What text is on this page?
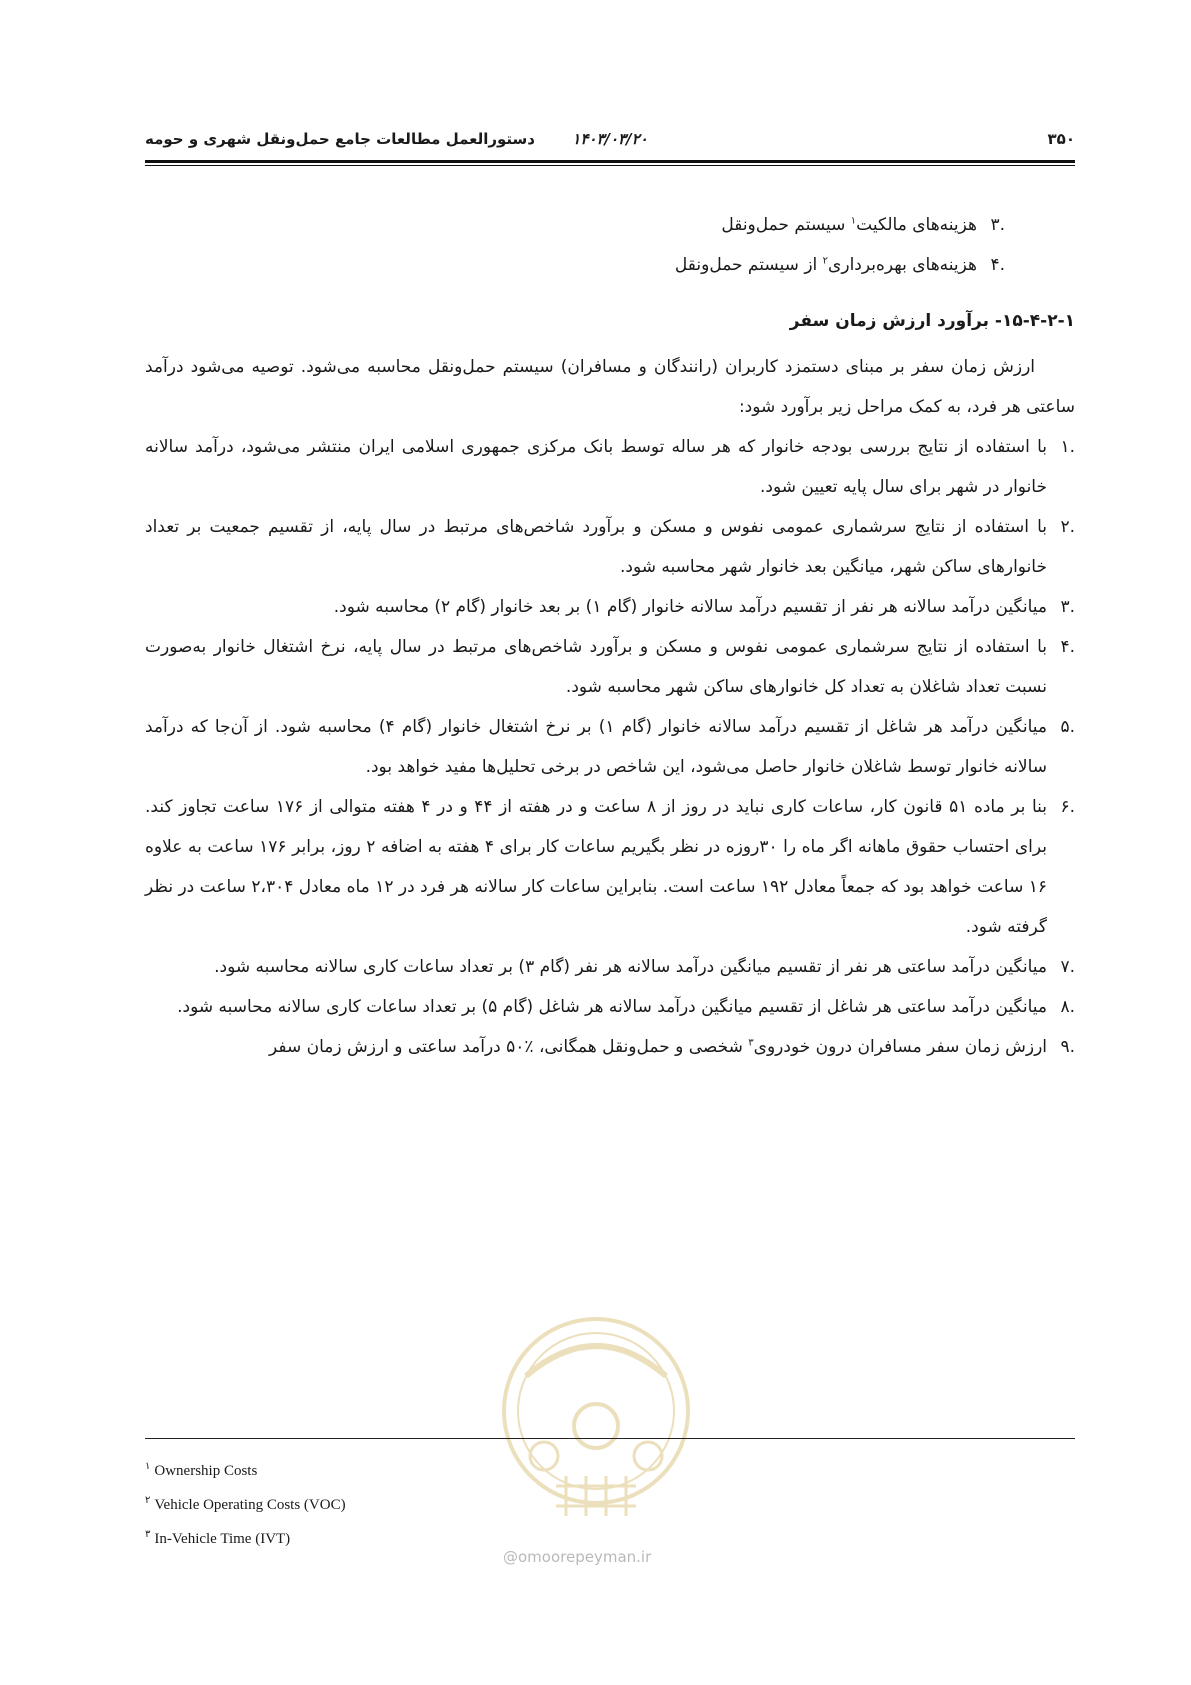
۳۵۰
۱۴۰۳/۰۳/۲۰
دستورالعمل مطالعات جامع حمل‌ونقل شهری و حومه

.۳هزینه‌های مالکیت$^۱$ سیستم حمل‌ونقل

.۴هزینه‌های بهره‌برداری$^۲$ از سیستم حمل‌ونقل

۱۵-۴-۲-۱- برآورد ارزش زمان سفر

ارزش زمان سفر بر مبنای دستمزد کاربران (رانندگان و مسافران) سیستم حمل‌ونقل محاسبه می‌شود. توصیه می‌شود درآمد ساعتی هر فرد، به کمک مراحل زیر برآورد شود:

.۱
با استفاده از نتایج بررسی بودجه خانوار که هر ساله توسط بانک مرکزی جمهوری اسلامی ایران منتشر می‌شود، درآمد سالانه خانوار در شهر برای سال پایه تعیین شود.
.۲
با استفاده از نتایج سرشماری عمومی نفوس و مسکن و برآورد شاخص‌های مرتبط در سال پایه، از تقسیم جمعیت بر تعداد خانوارهای ساکن شهر، میانگین بعد خانوار شهر محاسبه شود.
.۳
میانگین درآمد سالانه هر نفر از تقسیم درآمد سالانه خانوار (گام ۱) بر بعد خانوار (گام ۲) محاسبه شود.
.۴
با استفاده از نتایج سرشماری عمومی نفوس و مسکن و برآورد شاخص‌های مرتبط در سال پایه، نرخ اشتغال خانوار به‌صورت نسبت تعداد شاغلان به تعداد کل خانوارهای ساکن شهر محاسبه شود.
.۵
میانگین درآمد هر شاغل از تقسیم درآمد سالانه خانوار (گام ۱) بر نرخ اشتغال خانوار (گام ۴) محاسبه شود. از آن‌جا که درآمد سالانه خانوار توسط شاغلان خانوار حاصل می‌شود، این شاخص در برخی تحلیل‌ها مفید خواهد بود.
.۶
بنا بر ماده ۵۱ قانون کار، ساعات کاری نباید در روز از ۸ ساعت و در هفته از ۴۴ و در ۴ هفته متوالی از ۱۷۶ ساعت تجاوز کند. برای احتساب حقوق ماهانه اگر ماه را ۳۰روزه در نظر بگیریم ساعات کار برای ۴ هفته به اضافه ۲ روز، برابر ۱۷۶ ساعت به علاوه ۱۶ ساعت خواهد بود که جمعاً معادل ۱۹۲ ساعت است. بنابراین ساعات کار سالانه هر فرد در ۱۲ ماه معادل ۲،۳۰۴ ساعت در نظر گرفته شود.
.۷
میانگین درآمد ساعتی هر نفر از تقسیم میانگین درآمد سالانه هر نفر (گام ۳) بر تعداد ساعات کاری سالانه محاسبه شود.
.۸
میانگین درآمد ساعتی هر شاغل از تقسیم میانگین درآمد سالانه هر شاغل (گام ۵) بر تعداد ساعات کاری سالانه محاسبه شود.
.۹
ارزش زمان سفر مسافران درون خودروی$^۳$ شخصی و حمل‌ونقل همگانی، ٪۵۰ درآمد ساعتی و ارزش زمان سفر
@omoorepeyman.ir

$^۱$ Ownership Costs

$^۲$ Vehicle Operating Costs (VOC)

$^۳$ In-Vehicle Time (IVT)
